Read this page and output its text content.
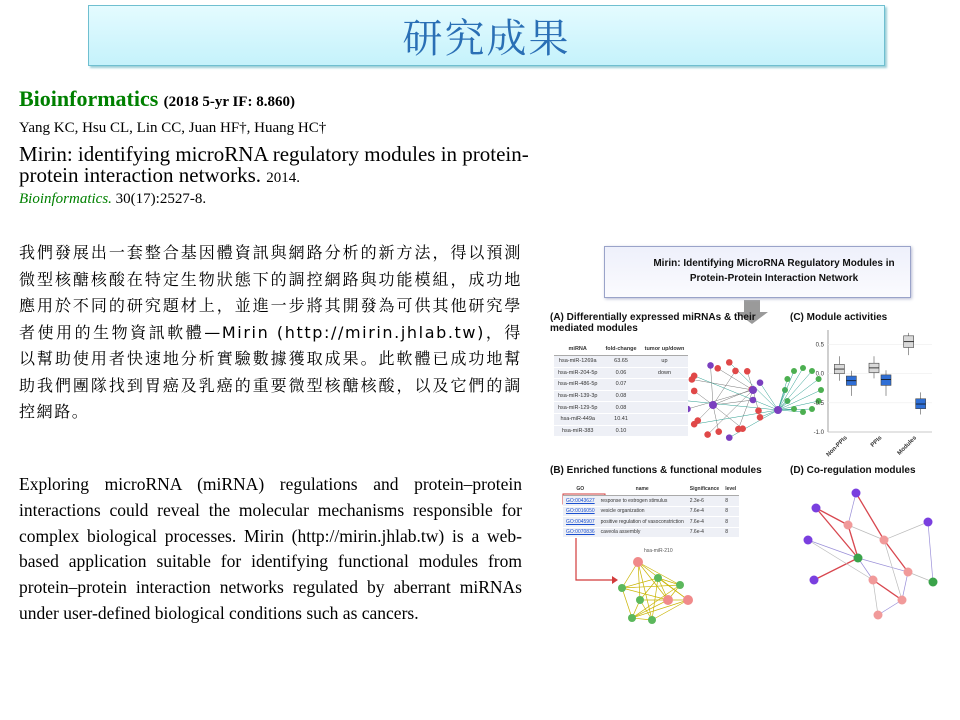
研究成果
Bioinformatics (2018 5-yr IF: 8.860)
Yang KC, Hsu CL, Lin CC, Juan HF†, Huang HC†
Mirin: identifying microRNA regulatory modules in protein-protein interaction networks. 2014.
Bioinformatics. 30(17):2527-8.
我們發展出一套整合基因體資訊與網路分析的新方法，得以預測微型核醣核酸在特定生物狀態下的調控網路與功能模組，成功地應用於不同的研究題材上，並進一步將其開發為可供其他研究學者使用的生物資訊軟體—Mirin (http://mirin.jhlab.tw)，得以幫助使用者快速地分析實驗數據獲取成果。此軟體已成功地幫助我們團隊找到胃癌及乳癌的重要微型核醣核酸，以及它們的調控網路。
Exploring microRNA (miRNA) regulations and protein–protein interactions could reveal the molecular mechanisms responsible for complex biological processes. Mirin (http://mirin.jhlab.tw) is a web-based application suitable for identifying functional modules from protein–protein interaction networks regulated by aberrant miRNAs under user-defined biological conditions such as cancers.
hsa-miR-210
0.5
0.0
-0.5
-1.0
Non-PPIs	PPIs Modules
Mirin: Identifying MicroRNA Regulatory Modules in Protein-Protein Interaction Network
(A) Differentially expressed miRNAs & their mediated modules
(C) Module activities
(B) Enriched functions & functional modules	(D) Co-regulation modules
miRNA	fold-change	tumor up/down
hsa-miR-1269a	63.65	up
hsa-miR-204-5p	0.06	down
hsa-miR-486-5p	0.07	
hsa-miR-139-3p	0.08	
hsa-miR-129-5p	0.08	
hsa-miR-449a	10.41	
hsa-miR-383	0.10	
GO	name	Significance	level
GO:0043627	response to estrogen stimulus	2.3e-6	8
GO:0016050	vesicle organization	7.6e-4	8
GO:0045907	positive regulation of vasoconstriction	7.6e-4	8
GO:0070836	caveola assembly	7.6e-4	8
